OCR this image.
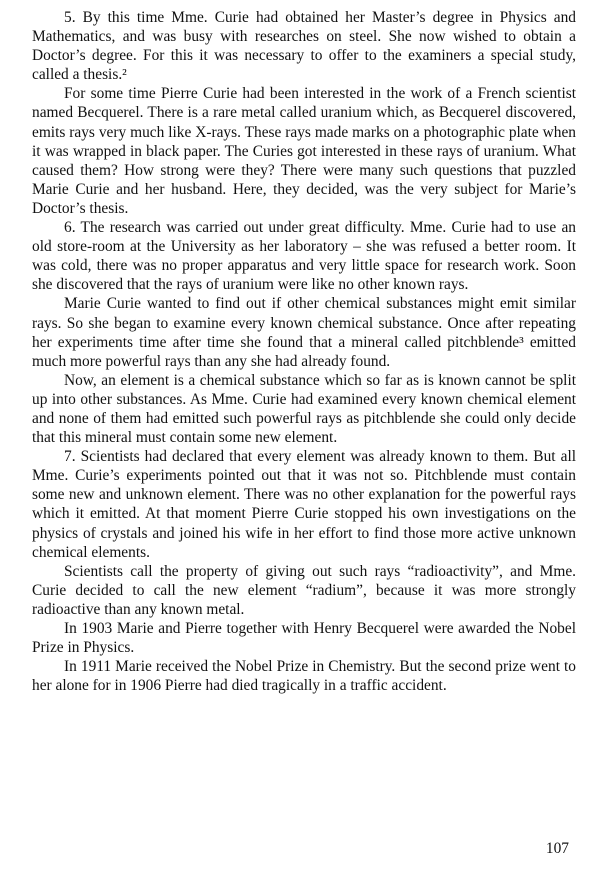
5. By this time Mme. Curie had obtained her Master’s degree in Physics and Mathematics, and was busy with researches on steel. She now wished to obtain a Doctor’s degree. For this it was necessary to offer to the examiners a special study, called a thesis.²

For some time Pierre Curie had been interested in the work of a French scientist named Becquerel. There is a rare metal called uranium which, as Becquerel discovered, emits rays very much like X-rays. These rays made marks on a photographic plate when it was wrapped in black paper. The Curies got interested in these rays of uranium. What caused them? How strong were they? There were many such questions that puzzled Marie Curie and her husband. Here, they decided, was the very subject for Marie’s Doctor’s thesis.

6. The research was carried out under great difficulty. Mme. Curie had to use an old store-room at the University as her laboratory – she was refused a better room. It was cold, there was no proper apparatus and very little space for research work. Soon she discovered that the rays of uranium were like no other known rays.

Marie Curie wanted to find out if other chemical substances might emit similar rays. So she began to examine every known chemical substance. Once after repeating her experiments time after time she found that a mineral called pitchblende³ emitted much more powerful rays than any she had already found.

Now, an element is a chemical substance which so far as is known cannot be split up into other substances. As Mme. Curie had examined every known chemical element and none of them had emitted such powerful rays as pitchblende she could only decide that this mineral must contain some new element.

7. Scientists had declared that every element was already known to them. But all Mme. Curie’s experiments pointed out that it was not so. Pitchblende must contain some new and unknown element. There was no other explanation for the powerful rays which it emitted. At that moment Pierre Curie stopped his own investigations on the physics of crystals and joined his wife in her effort to find those more active unknown chemical elements.

Scientists call the property of giving out such rays “radioactivity”, and Mme. Curie decided to call the new element “radium”, because it was more strongly radioactive than any known metal.

In 1903 Marie and Pierre together with Henry Becquerel were awarded the Nobel Prize in Physics.

In 1911 Marie received the Nobel Prize in Chemistry. But the second prize went to her alone for in 1906 Pierre had died tragically in a traffic accident.

107
